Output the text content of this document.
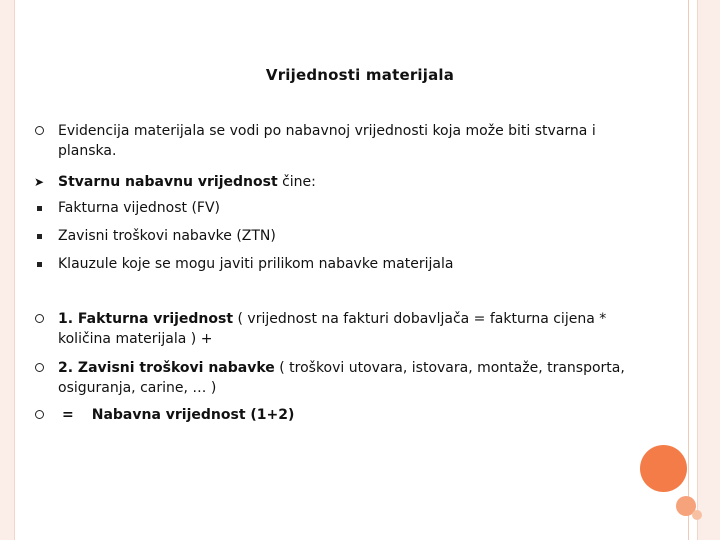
Vrijednosti materijala
Evidencija materijala se vodi po nabavnoj vrijednosti koja može biti stvarna i planska.
➤ Stvarnu nabavnu vrijednost čine:
Fakturna vijednost (FV)
Zavisni troškovi nabavke (ZTN)
Klauzule koje se mogu javiti prilikom nabavke materijala
1. Fakturna vrijednost ( vrijednost na fakturi dobavljača = fakturna cijena * količina materijala ) +
2. Zavisni troškovi nabavke ( troškovi utovara, istovara, montaže, transporta, osiguranja, carine, … )
= Nabavna vrijednost (1+2)
